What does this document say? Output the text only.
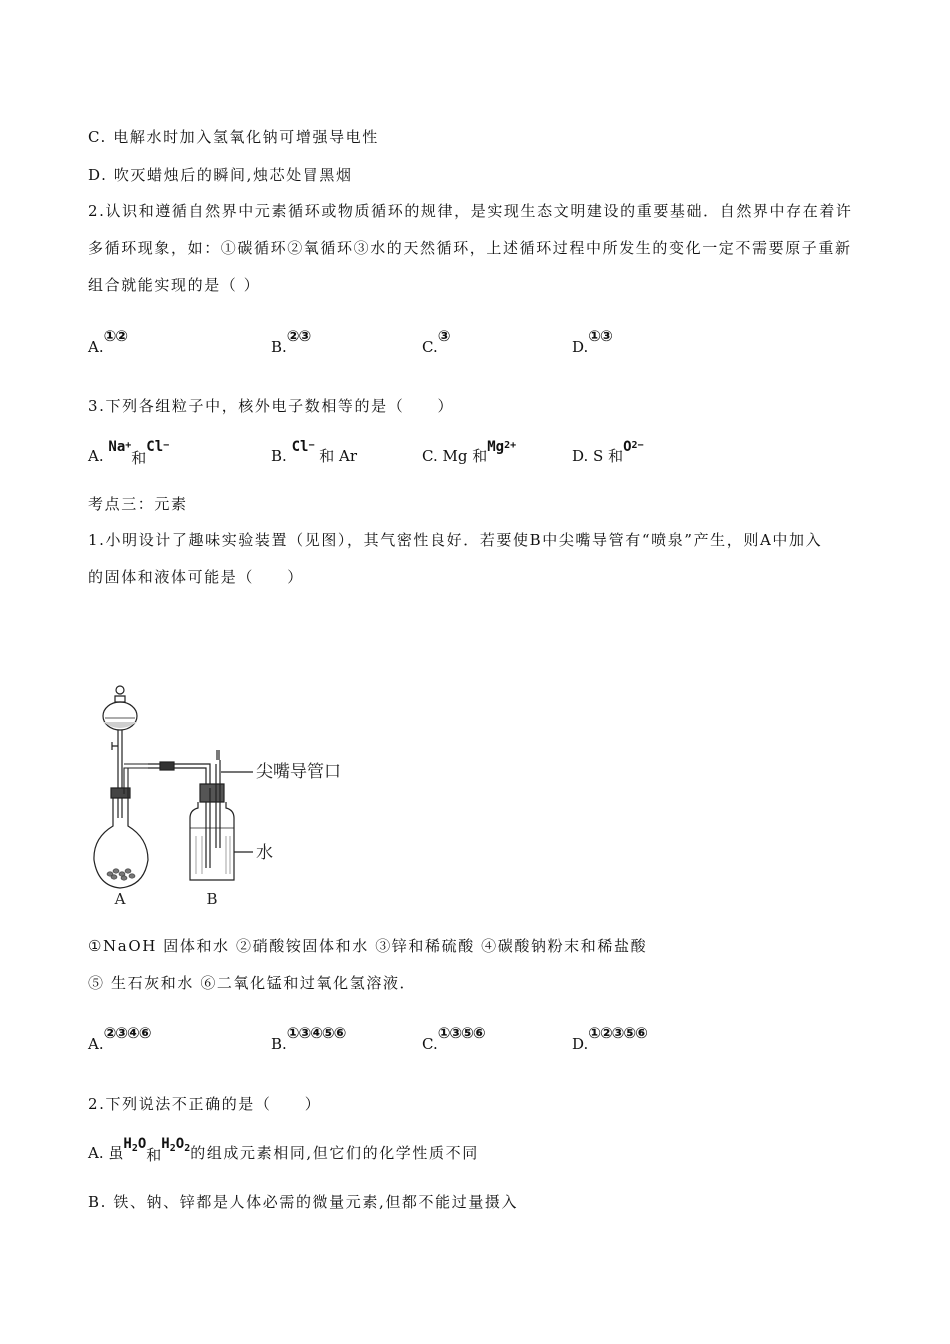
C. 电解水时加入氢氧化钠可增强导电性
D. 吹灭蜡烛后的瞬间,烛芯处冒黑烟
2.认识和遵循自然界中元素循环或物质循环的规律，是实现生态文明建设的重要基础．自然界中存在着许
多循环现象，如：①碳循环②氧循环③水的天然循环，上述循环过程中所发生的变化一定不需要原子重新
组合就能实现的是（ ）
A.①②
B.②③
C.③
D.①③
3.下列各组粒子中，核外电子数相等的是（　　）
A. Na+和Cl−
B. Cl− 和 Ar	C. Mg 和$Mg^{2+}$
D. S 和$O^{2-}$
考点三：元素
1.小明设计了趣味实验装置（见图），其气密性良好．若要使B中尖嘴导管有“喷泉”产生，则A中加入
的固体和液体可能是（　　）
尖嘴导管口
水
A	B
①NaOH 固体和水 ②硝酸铵固体和水 ③锌和稀硫酸 ④碳酸钠粉末和稀盐酸
⑤ 生石灰和水 ⑥二氧化锰和过氧化氢溶液．
A.②③④⑥
B.①③④⑤⑥
C.①③⑤⑥
D.①②③⑤⑥
2.下列说法不正确的是（　　）
A. 虽$H_2O$和$H_2O_2$的组成元素相同,但它们的化学性质不同
B. 铁、钠、锌都是人体必需的微量元素,但都不能过量摄入
